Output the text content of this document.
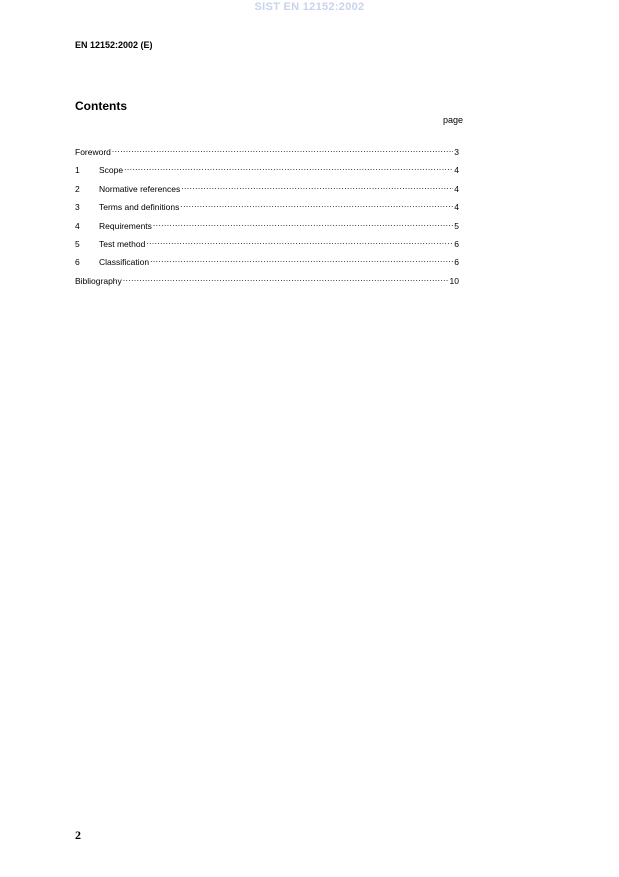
SIST EN 12152:2002
EN 12152:2002 (E)
Contents
page
Foreword .....	3
1	Scope .....	4
2	Normative references .....	4
3	Terms and definitions .....	4
4	Requirements .....	5
5	Test method .....	6
6	Classification .....	6
Bibliography .....	10
2
